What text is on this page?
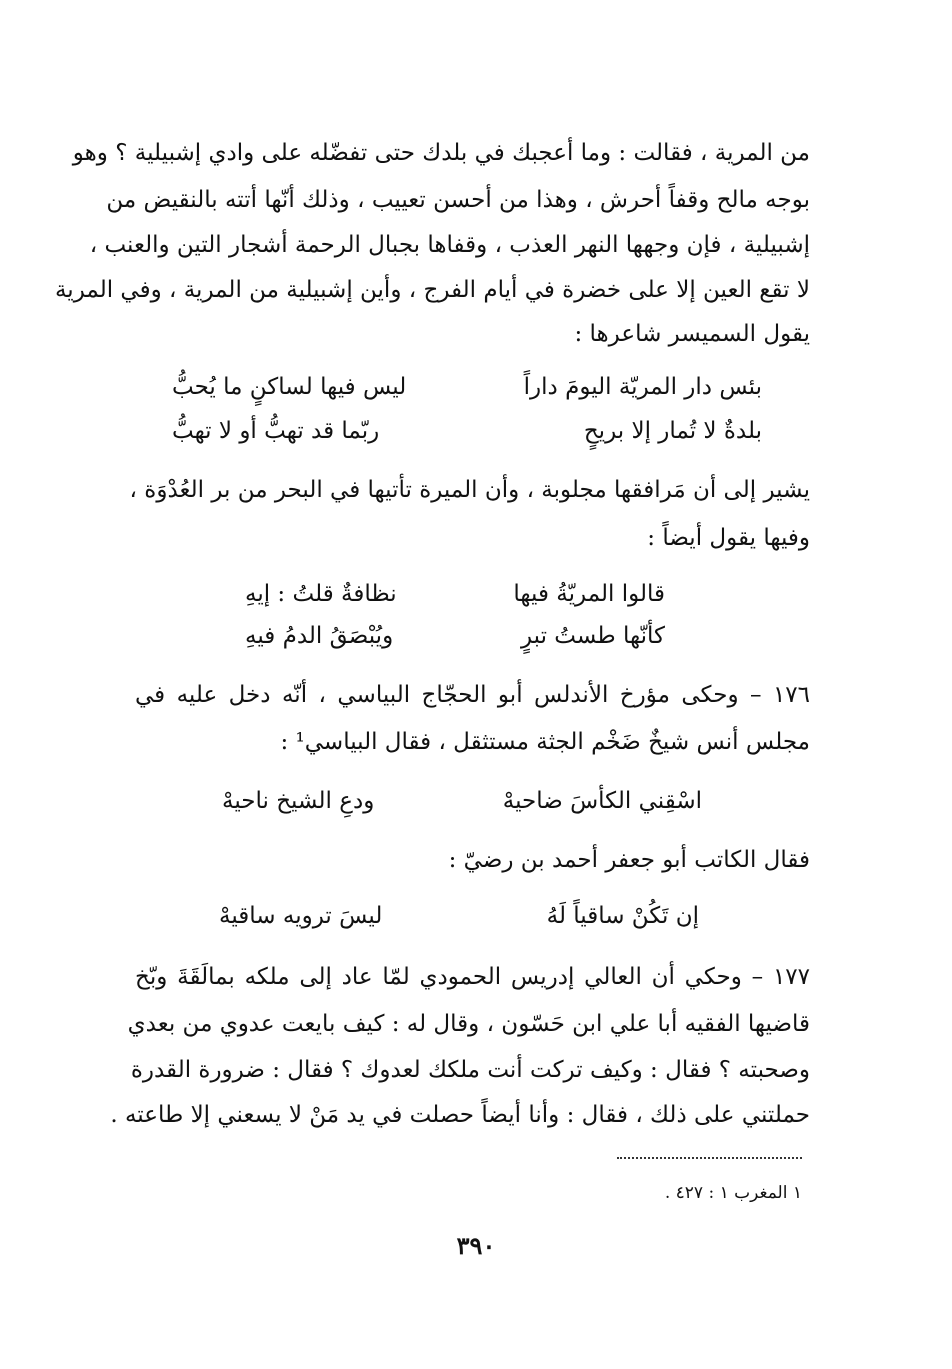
من المرية ، فقالت : وما أعجبك في بلدك حتى تفضّله على وادي إشبيلية ؟ وهو
بوجه مالح وقفاً أحرش ، وهذا من أحسن تعييب ، وذلك أنّها أتته بالنقيض من
إشبيلية ، فإن وجهها النهر العذب ، وقفاها بجبال الرحمة أشجار التين والعنب ،
لا تقع العين إلا على خضرة في أيام الفرج ، وأين إشبيلية من المرية ، وفي المرية
يقول السميسر شاعرها :
بئس دار المريّة اليومَ داراًليس فيها لساكنٍ ما يُحبُّ
بلدةٌ لا تُمار إلا بريحٍربّما قد تهبُّ أو لا تهبُّ
يشير إلى أن مَرافقها مجلوبة ، وأن الميرة تأتيها في البحر من بر العُدْوَة ،
وفيها يقول أيضاً :
قالوا المريّةُ فيهانظافةٌ قلتُ : إيهِ
كأنّها طستُ تبرٍويُبْصَقُ الدمُ فيهِ
١٧٦ – وحكى مؤرخ الأندلس أبو الحجّاج البياسي ، أنّه دخل عليه في
مجلس أنس شيخٌ ضَخْم الجثة مستثقل ، فقال البياسي¹ :
اسْقِني الكأسَ ضاحيهْودعِ الشيخ ناحيهْ
فقال الكاتب أبو جعفر أحمد بن رضيّ :
إن تَكُنْ ساقياً لَهُليسَ ترويه ساقيهْ
١٧٧ – وحكي أن العالي إدريس الحمودي لمّا عاد إلى ملكه بمالَقَةَ وبّخ
قاضيها الفقيه أبا علي ابن حَسّون ، وقال له : كيف بايعت عدوي من بعدي
وصحبته ؟ فقال : وكيف تركت أنت ملكك لعدوك ؟ فقال : ضرورة القدرة
حملتني على ذلك ، فقال : وأنا أيضاً حصلت في يد مَنْ لا يسعني إلا طاعته .
١ المغرب ١ : ٤٢٧ .
٣٩٠
